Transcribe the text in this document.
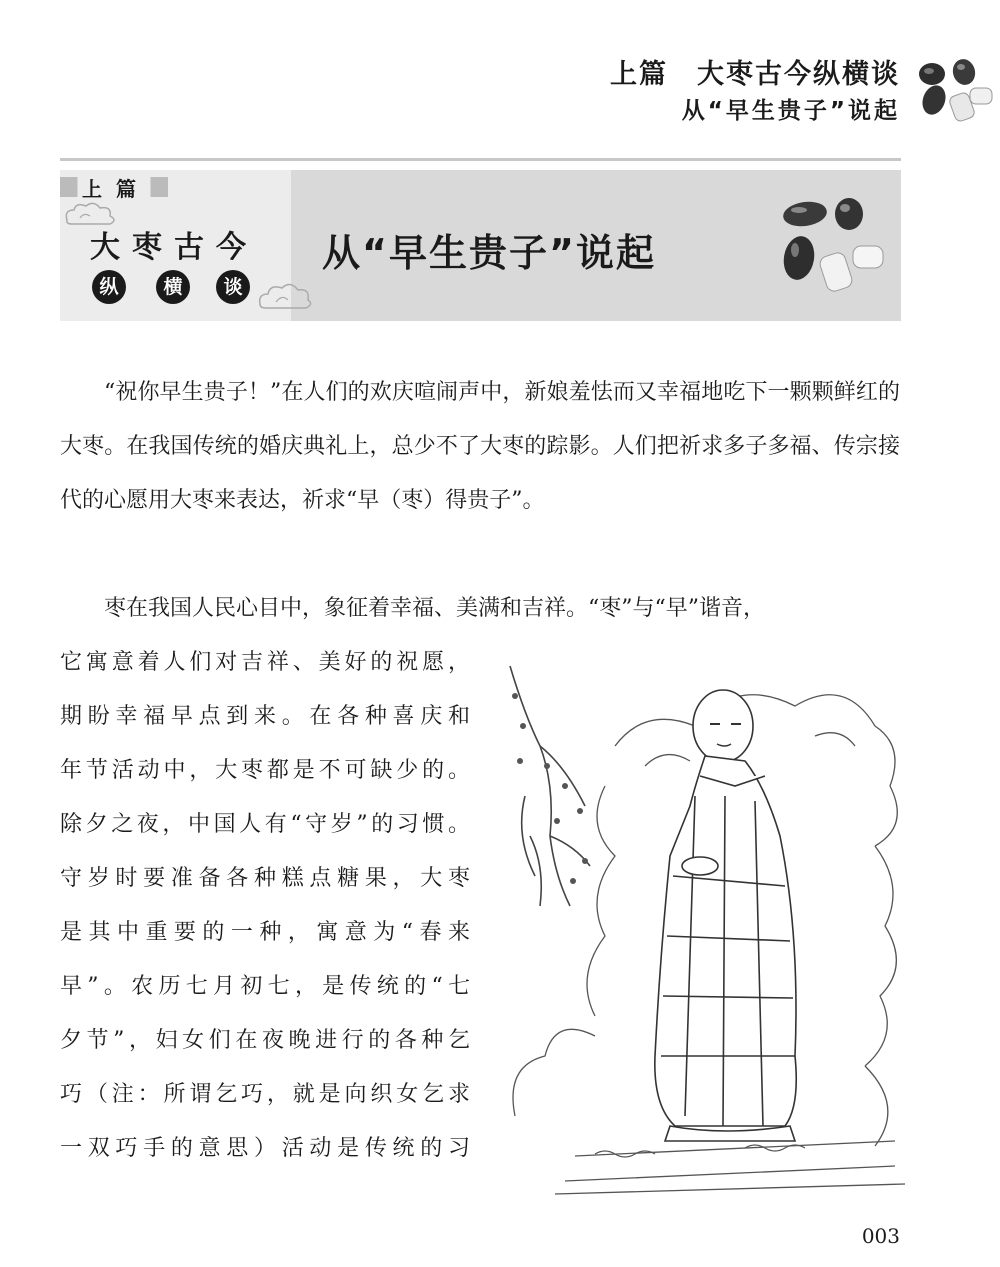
上篇　大枣古今纵横谈
从“早生贵子”说起
上篇
大枣古今
纵	横	谈
从“早生贵子”说起

“祝你早生贵子！”在人们的欢庆喧闹声中，新娘羞怯而又幸福地吃下一颗颗鲜红的大枣。在我国传统的婚庆典礼上，总少不了大枣的踪影。人们把祈求多子多福、传宗接代的心愿用大枣来表达，祈求“早（枣）得贵子”。

枣在我国人民心目中，象征着幸福、美满和吉祥。“枣”与“早”谐音，

它寓意着人们对吉祥、美好的祝愿，
期盼幸福早点到来。在各种喜庆和
年节活动中，大枣都是不可缺少的。
除夕之夜，中国人有“守岁”的习惯。
守岁时要准备各种糕点糖果，大枣
是其中重要的一种，寓意为“春来
早”。农历七月初七，是传统的“七
夕节”，妇女们在夜晚进行的各种乞
巧（注：所谓乞巧，就是向织女乞求
一双巧手的意思）活动是传统的习
003
